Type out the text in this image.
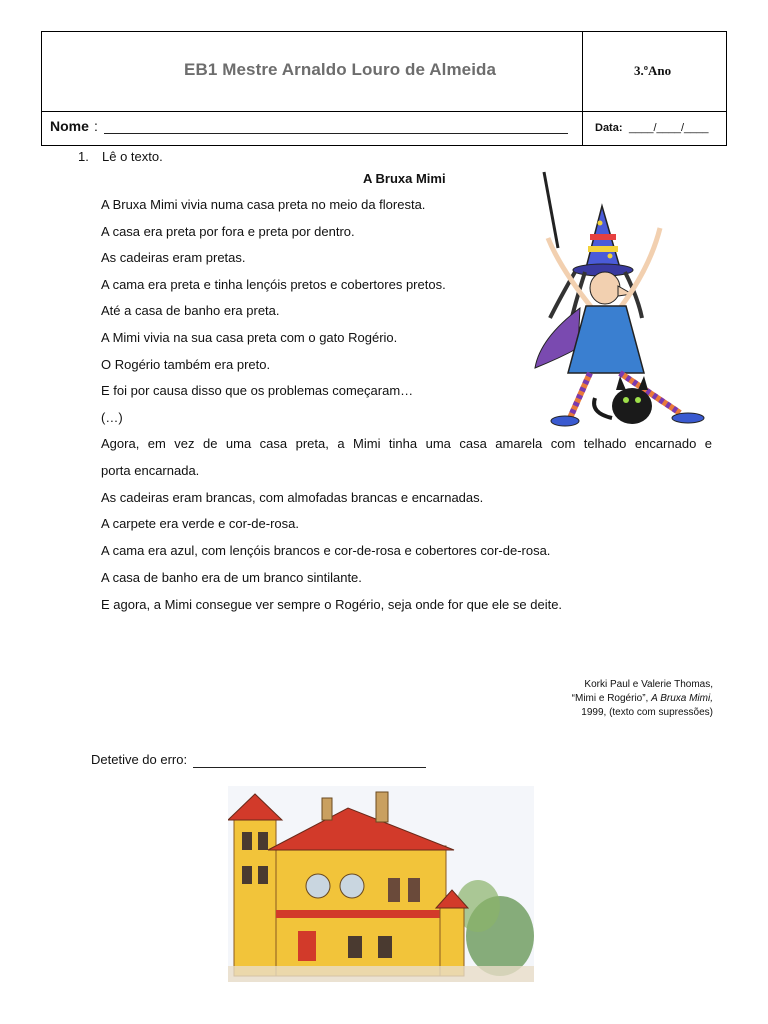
EB1 Mestre Arnaldo Louro de Almeida	3.ºAno
Nome :	Data: ____/____/____
1. Lê o texto.
A Bruxa Mimi
A Bruxa Mimi vivia numa casa preta no meio da floresta.
A casa era preta por fora e preta por dentro.
As cadeiras eram pretas.
A cama era preta e tinha lençóis pretos e cobertores pretos.
Até a casa de banho era preta.
A Mimi vivia na sua casa preta com o gato Rogério.
O Rogério também era preto.
E foi por causa disso que os problemas começaram…
(…)
Agora, em vez de uma casa preta, a Mimi tinha uma casa amarela com telhado encarnado e
porta encarnada.
As cadeiras eram brancas, com almofadas brancas e encarnadas.
A carpete era verde e cor-de-rosa.
A cama era azul, com lençóis brancos e cor-de-rosa e cobertores cor-de-rosa.
A casa de banho era de um branco sintilante.
E agora, a Mimi consegue ver sempre o Rogério, seja onde for que ele se deite.
Korki Paul e Valerie Thomas,
“Mimi e Rogério”, A Bruxa Mimi,
1999, (texto com supressões)
Detetive do erro:
